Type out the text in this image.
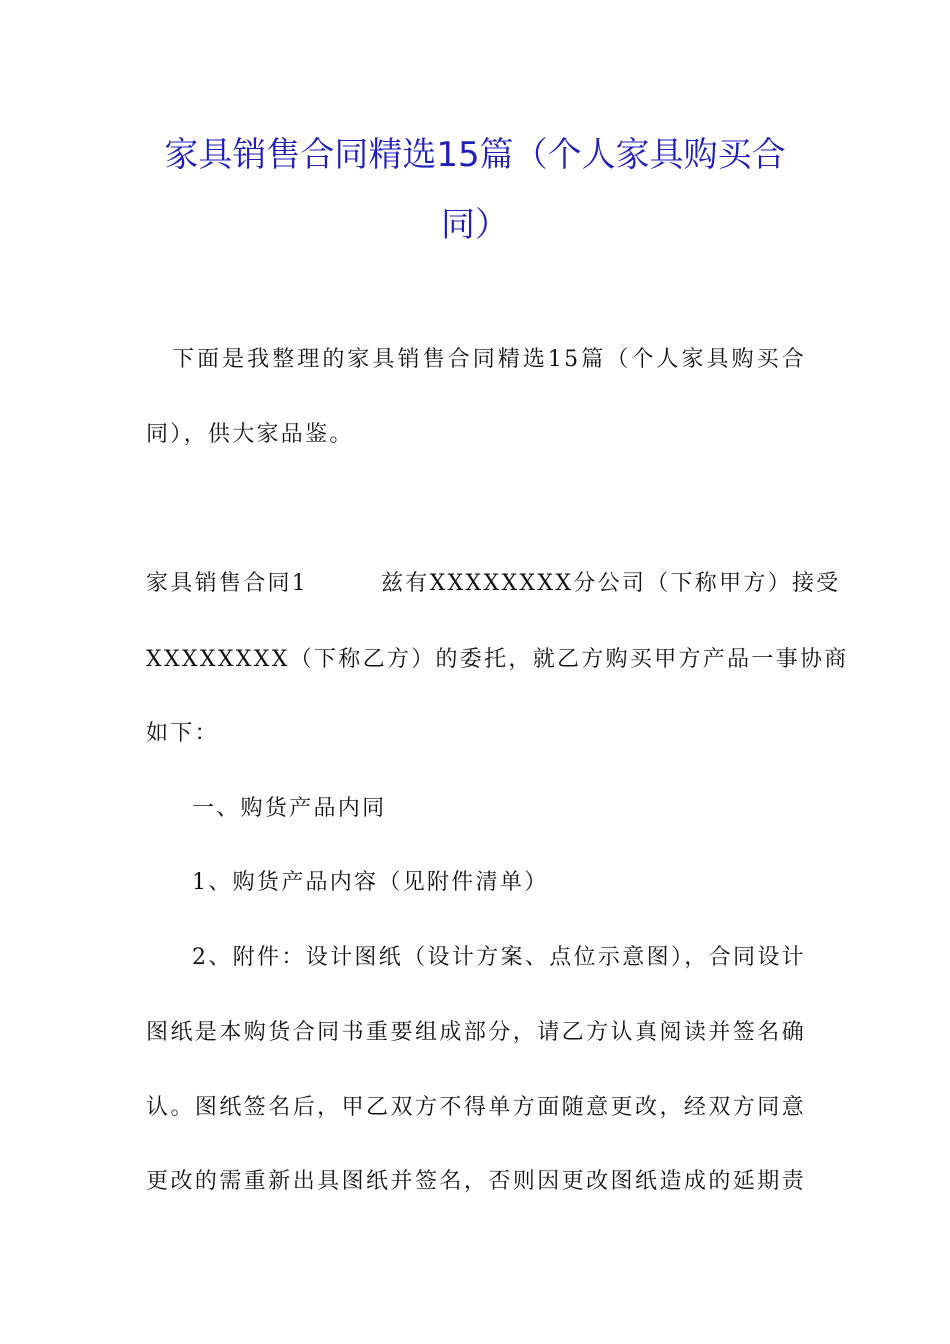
家具销售合同精选15篇（个人家具购买合
同）
下面是我整理的家具销售合同精选15篇（个人家具购买合
同），供大家品鉴。
家具销售合同1　　　兹有XXXXXXXX分公司（下称甲方）接受
XXXXXXXX（下称乙方）的委托，就乙方购买甲方产品一事协商
如下：
一、购货产品内同
1、购货产品内容（见附件清单）
2、附件：设计图纸（设计方案、点位示意图），合同设计
图纸是本购货合同书重要组成部分，请乙方认真阅读并签名确
认。图纸签名后，甲乙双方不得单方面随意更改，经双方同意
更改的需重新出具图纸并签名，否则因更改图纸造成的延期责
